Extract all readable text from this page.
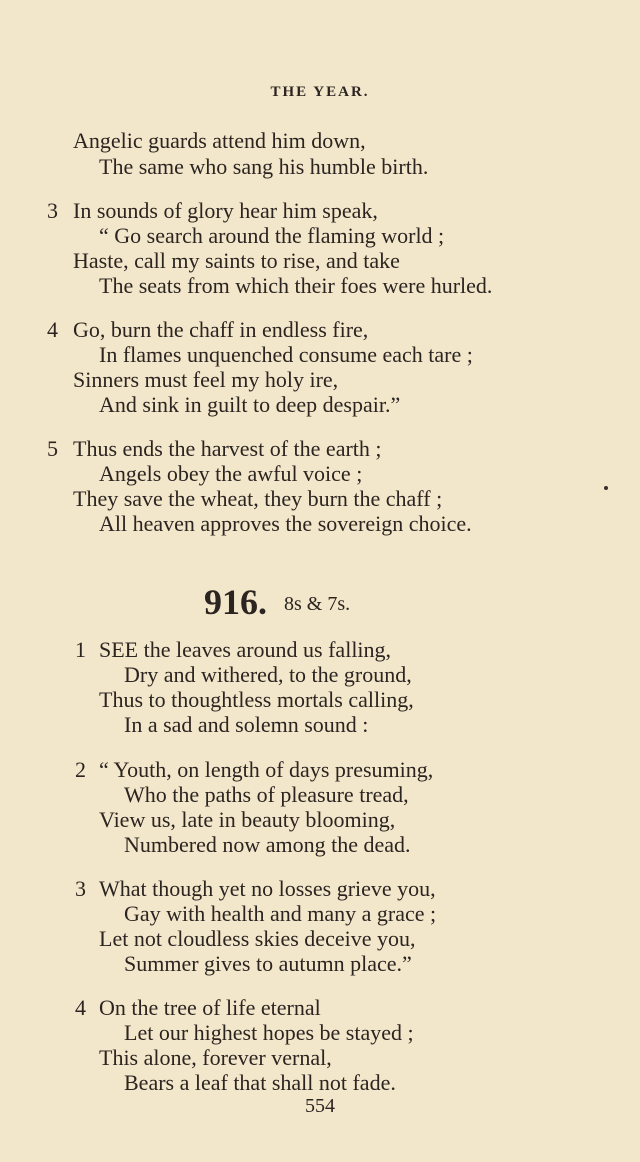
THE YEAR.
Angelic guards attend him down,
The same who sang his humble birth.
3 In sounds of glory hear him speak,
“ Go search around the flaming world ;
Haste, call my saints to rise, and take
The seats from which their foes were hurled.
4 Go, burn the chaff in endless fire,
In flames unquenched consume each tare ;
Sinners must feel my holy ire,
And sink in guilt to deep despair.”
5 Thus ends the harvest of the earth ;
Angels obey the awful voice ;
They save the wheat, they burn the chaff ;
All heaven approves the sovereign choice.
916. 8s & 7s.
1 SEE the leaves around us falling,
Dry and withered, to the ground,
Thus to thoughtless mortals calling,
In a sad and solemn sound :
2 “ Youth, on length of days presuming,
Who the paths of pleasure tread,
View us, late in beauty blooming,
Numbered now among the dead.
3 What though yet no losses grieve you,
Gay with health and many a grace ;
Let not cloudless skies deceive you,
Summer gives to autumn place.”
4 On the tree of life eternal
Let our highest hopes be stayed ;
This alone, forever vernal,
Bears a leaf that shall not fade.
554
